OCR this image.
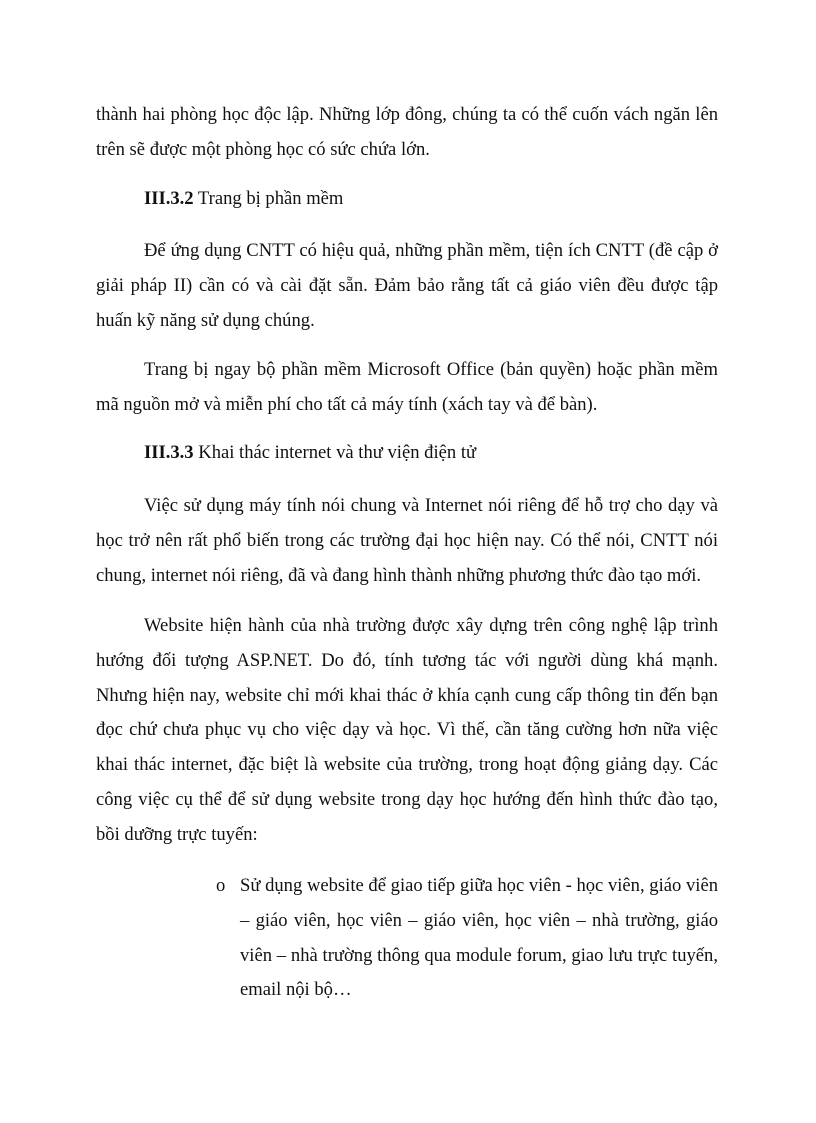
thành hai phòng học độc lập. Những lớp đông, chúng ta có thể cuốn vách ngăn lên
trên sẽ được một phòng học có sức chứa lớn.
III.3.2 Trang bị phần mềm
Để ứng dụng CNTT có hiệu quả, những phần mềm, tiện ích CNTT (đề cập ở
giải pháp II) cần có và cài đặt sẵn. Đảm bảo rằng tất cả giáo viên đều được tập
huấn kỹ năng sử dụng chúng.
Trang bị ngay bộ phần mềm Microsoft Office (bản quyền) hoặc phần mềm
mã nguồn mở và miễn phí cho tất cả máy tính (xách tay và để bàn).
III.3.3 Khai thác internet và thư viện điện tử
Việc sử dụng máy tính nói chung và Internet nói riêng để hỗ trợ cho dạy và
học trở nên rất phổ biến trong các trường đại học hiện nay. Có thể nói, CNTT nói
chung, internet nói riêng, đã và đang hình thành những phương thức đào tạo mới.
Website hiện hành của nhà trường được xây dựng trên công nghệ lập trình
hướng đối tượng ASP.NET. Do đó, tính tương tác với người dùng khá mạnh.
Nhưng hiện nay, website chỉ mới khai thác ở khía cạnh cung cấp thông tin đến bạn
đọc chứ chưa phục vụ cho việc dạy và học. Vì thế, cần tăng cường hơn nữa việc
khai thác internet, đặc biệt là website của trường, trong hoạt động giảng dạy. Các
công việc cụ thể để sử dụng website trong dạy học hướng đến hình thức đào tạo,
bồi dưỡng trực tuyến:
o Sử dụng website để giao tiếp giữa học viên - học viên, giáo viên
– giáo viên, học viên – giáo viên, học viên – nhà trường, giáo
viên – nhà trường thông qua module forum, giao lưu trực tuyến,
email nội bộ…
